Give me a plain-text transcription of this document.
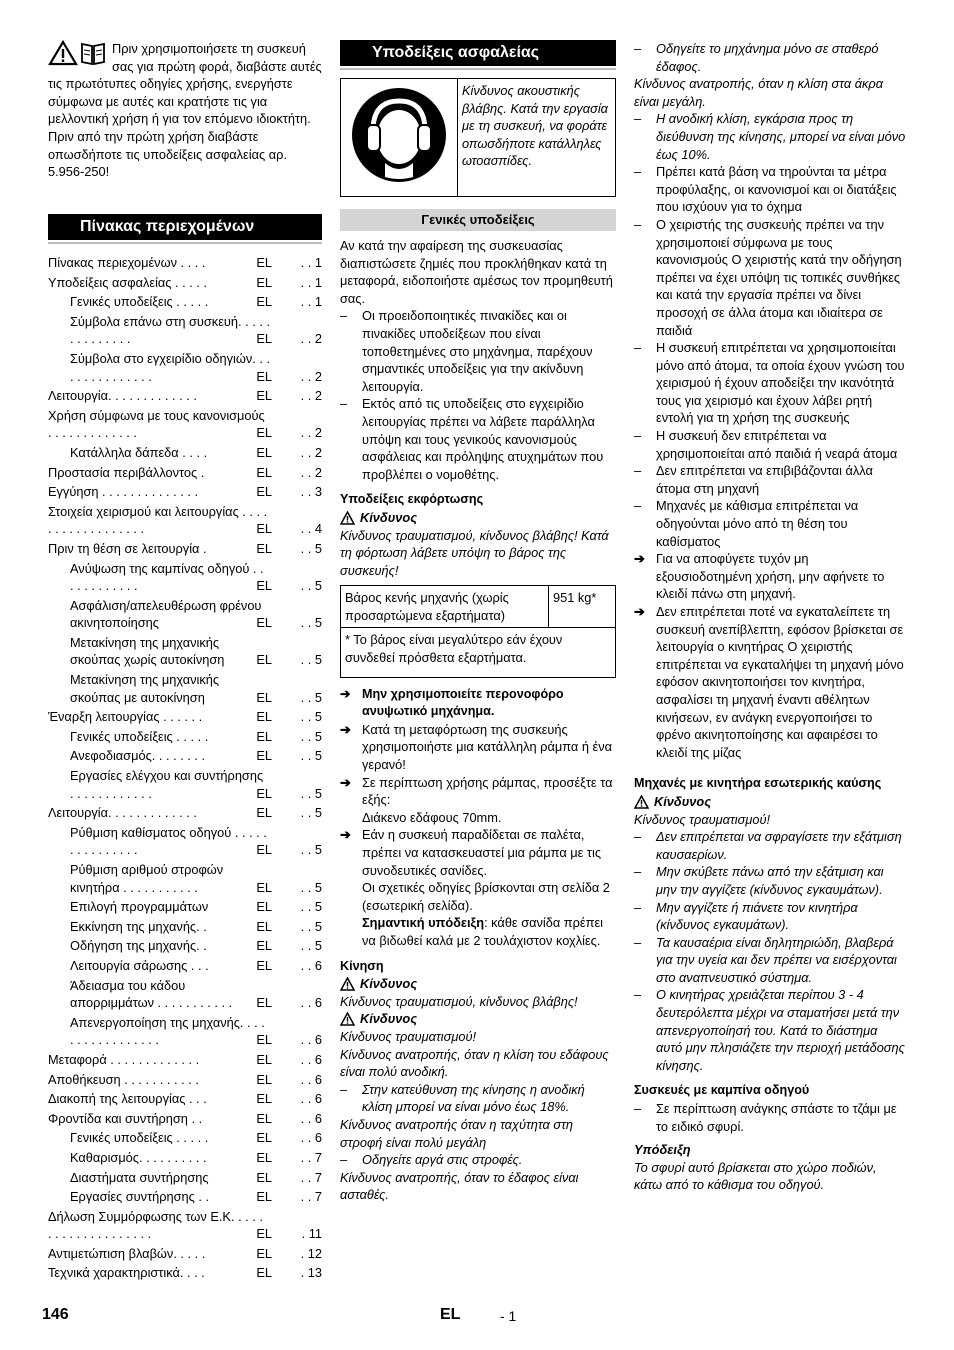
Πριν χρησιμοποιήσετε τη συσκευή σας για πρώτη φορά, διαβάστε αυτές τις πρωτότυπες οδηγίες χρήσης, ενεργήστε σύμφωνα με αυτές και κρατήστε τις για μελλοντική χρήση ή για τον επόμενο ιδιοκτήτη.

Πριν από την πρώτη χρήση διαβάστε οπωσδήποτε τις υποδείξεις ασφαλείας αρ. 5.956-250!

Πίνακας περιεχομένων
Πίνακας περιεχομένων . . . .	EL	. . 1
Υποδείξεις ασφαλείας . . . . .	EL	. . 1
Γενικές υποδείξεις . . . . .	EL	. . 1
Σύμβολα επάνω στη συσκευή. . . . . . . . . . . . . .	EL	. . 2
Σύμβολα στο εγχειρίδιο οδηγιών. . . . . . . . . . . . . . .	EL	. . 2
Λειτουργία. . . . . . . . . . . . .	EL	. . 2
Χρήση σύμφωνα με τους κανονισμούς . . . . . . . . . . . . .	EL	. . 2
Κατάλληλα δάπεδα . . . .	EL	. . 2
Προστασία περιβάλλοντος .	EL	. . 2
Εγγύηση . . . . . . . . . . . . . .	EL	. . 3
Στοιχεία χειρισμού και λειτουργίας . . . . . . . . . . . . . . . . . .	EL	. . 4
Πριν τη θέση σε λειτουργία .	EL	. . 5
Ανύψωση της καμπίνας οδηγού . . . . . . . . . . . .	EL	. . 5
Ασφάλιση/απελευθέρωση φρένου ακινητοποίησης	EL	. . 5
Μετακίνηση της μηχανικής σκούπας χωρίς αυτοκίνηση EL	. . 5
Μετακίνηση της μηχανικής σκούπας με αυτοκίνηση	EL	. . 5
Έναρξη λειτουργίας . . . . . .	EL	. . 5
Γενικές υποδείξεις . . . . .	EL	. . 5
Ανεφοδιασμός. . . . . . . .	EL	. . 5
Εργασίες ελέγχου και συντήρησης . . . . . . . . . . . .	EL	. . 5
Λειτουργία. . . . . . . . . . . . .	EL	. . 5
Ρύθμιση καθίσματος οδηγού . . . . . . . . . . . . . . .	EL	. . 5
Ρύθμιση αριθμού στροφών κινητήρα . . . . . . . . . . .	EL	. . 5
Επιλογή προγραμμάτων	EL	. . 5
Εκκίνηση της μηχανής. .	EL	. . 5
Οδήγηση της μηχανής. .	EL	. . 5
Λειτουργία σάρωσης . . .	EL	. . 6
Άδειασμα του κάδου απορριμμάτων . . . . . . . . . . . EL	. . 6
Απενεργοποίηση της μηχανής. . . . . . . . . . . . . . . . .	EL	. . 6
Μεταφορά . . . . . . . . . . . . .	EL	. . 6
Αποθήκευση . . . . . . . . . . .	EL	. . 6
Διακοπή της λειτουργίας . . .	EL	. . 6
Φροντίδα και συντήρηση . .	EL	. . 6
Γενικές υποδείξεις . . . . .	EL	. . 6
Καθαρισμός. . . . . . . . . .	EL	. . 7
Διαστήματα συντήρησης	EL	. . 7
Εργασίες συντήρησης . .	EL	. . 7
Δήλωση Συμμόρφωσης των Ε.Κ. . . . . . . . . . . . . . . . . . . .	EL	. 11
Αντιμετώπιση βλαβών. . . . .	EL	. 12
Τεχνικά χαρακτηριστικά. . . .	EL	. 13
Υποδείξεις ασφαλείας
	Κίνδυνος ακουστικής βλάβης. Κατά την εργασία με τη συσκευή, να φοράτε οπωσδήποτε κατάλληλες ωτοασπίδες.
Γενικές υποδείξεις

Αν κατά την αφαίρεση της συσκευασίας διαπιστώσετε ζημιές που προκλήθηκαν κατά τη μεταφορά, ειδοποιήστε αμέσως τον προμηθευτή σας.

– Οι προειδοποιητικές πινακίδες και οι πινακίδες υποδείξεων που είναι τοποθετημένες στο μηχάνημα, παρέχουν σημαντικές υποδείξεις για την ακίνδυνη λειτουργία.

– Εκτός από τις υποδείξεις στο εγχειρίδιο λειτουργίας πρέπει να λάβετε παράλληλα υπόψη και τους γενικούς κανονισμούς ασφάλειας και πρόληψης ατυχημάτων που προβλέπει ο νομοθέτης.

Υποδείξεις εκφόρτωσης

Κίνδυνος

Κίνδυνος τραυματισμού, κίνδυνος βλάβης! Κατά τη φόρτωση λάβετε υπόψη το βάρος της συσκευής!

Βάρος κενής μηχανής (χωρίς προσαρτώμενα εξαρτήματα)	951 kg*
* Το βάρος είναι μεγαλύτερο εάν έχουν συνδεθεί πρόσθετα εξαρτήματα.

➔ Μην χρησιμοποιείτε περονοφόρο ανυψωτικό μηχάνημα.

➔ Κατά τη μεταφόρτωση της συσκευής χρησιμοποιήστε μια κατάλληλη ράμπα ή ένα γερανό!

➔ Σε περίπτωση χρήσης ράμπας, προσέξτε τα εξής:

Διάκενο εδάφους 70mm.

➔ Εάν η συσκευή παραδίδεται σε παλέτα, πρέπει να κατασκευαστεί μια ράμπα με τις συνοδευτικές σανίδες.

Οι σχετικές οδηγίες βρίσκονται στη σελίδα 2 (εσωτερική σελίδα).

Σημαντική υπόδειξη: κάθε σανίδα πρέπει να βιδωθεί καλά με 2 τουλάχιστον κοχλίες.

Κίνηση

Κίνδυνος

Κίνδυνος τραυματισμού, κίνδυνος βλάβης!

Κίνδυνος

Κίνδυνος τραυματισμού!

Κίνδυνος ανατροπής, όταν η κλίση του εδάφους είναι πολύ ανοδική.

– Στην κατεύθυνση της κίνησης η ανοδική κλίση μπορεί να είναι μόνο έως 18%.

Κίνδυνος ανατροπής όταν η ταχύτητα στη στροφή είναι πολύ μεγάλη

– Οδηγείτε αργά στις στροφές.

Κίνδυνος ανατροπής, όταν το έδαφος είναι ασταθές.

– Οδηγείτε το μηχάνημα μόνο σε σταθερό έδαφος.

Κίνδυνος ανατροπής, όταν η κλίση στα άκρα είναι μεγάλη.

– Η ανοδική κλίση, εγκάρσια προς τη διεύθυνση της κίνησης, μπορεί να είναι μόνο έως 10%.

– Πρέπει κατά βάση να τηρούνται τα μέτρα προφύλαξης, οι κανονισμοί και οι διατάξεις που ισχύουν για το όχημα

– Ο χειριστής της συσκευής πρέπει να την χρησιμοποιεί σύμφωνα με τους κανονισμούς Ο χειριστής κατά την οδήγηση πρέπει να έχει υπόψη τις τοπικές συνθήκες και κατά την εργασία πρέπει να δίνει προσοχή σε άλλα άτομα και ιδιαίτερα σε παιδιά

– Η συσκευή επιτρέπεται να χρησιμοποιείται μόνο από άτομα, τα οποία έχουν γνώση του χειρισμού ή έχουν αποδείξει την ικανότητά τους για χειρισμό και έχουν λάβει ρητή εντολή για τη χρήση της συσκευής

– Η συσκευή δεν επιτρέπεται να χρησιμοποιείται από παιδιά ή νεαρά άτομα

– Δεν επιτρέπεται να επιβιβάζονται άλλα άτομα στη μηχανή

– Μηχανές με κάθισμα επιτρέπεται να οδηγούνται μόνο από τη θέση του καθίσματος

➔ Για να αποφύγετε τυχόν μη εξουσιοδοτημένη χρήση, μην αφήνετε το κλειδί πάνω στη μηχανή.

➔ Δεν επιτρέπεται ποτέ να εγκαταλείπετε τη συσκευή ανεπίβλεπτη, εφόσον βρίσκεται σε λειτουργία ο κινητήρας Ο χειριστής επιτρέπεται να εγκαταλήψει τη μηχανή μόνο εφόσον ακινητοποιήσει τον κινητήρα, ασφαλίσει τη μηχανή έναντι αθέλητων κινήσεων, εν ανάγκη ενεργοποιήσει το φρένο ακινητοποίησης και αφαιρέσει το κλειδί της μίζας

Μηχανές με κινητήρα εσωτερικής καύσης

Κίνδυνος

Κίνδυνος τραυματισμού!

– Δεν επιτρέπεται να σφραγίσετε την εξάτμιση καυσαερίων.

– Μην σκύβετε πάνω από την εξάτμιση και μην την αγγίζετε (κίνδυνος εγκαυμάτων).

– Μην αγγίζετε ή πιάνετε τον κινητήρα (κίνδυνος εγκαυμάτων).

– Τα καυσαέρια είναι δηλητηριώδη, βλαβερά για την υγεία και δεν πρέπει να εισέρχονται στο αναπνευστικό σύστημα.

– Ο κινητήρας χρειάζεται περίπου 3 - 4 δευτερόλεπτα μέχρι να σταματήσει μετά την απενεργοποίησή του. Κατά το διάστημα αυτό μην πλησιάζετε την περιοχή μετάδοσης κίνησης.

Συσκευές με καμπίνα οδηγού

– Σε περίπτωση ανάγκης σπάστε το τζάμι με το ειδικό σφυρί.

Υπόδειξη

Το σφυρί αυτό βρίσκεται στο χώρο ποδιών, κάτω από το κάθισμα του οδηγού.

146	EL	- 1
